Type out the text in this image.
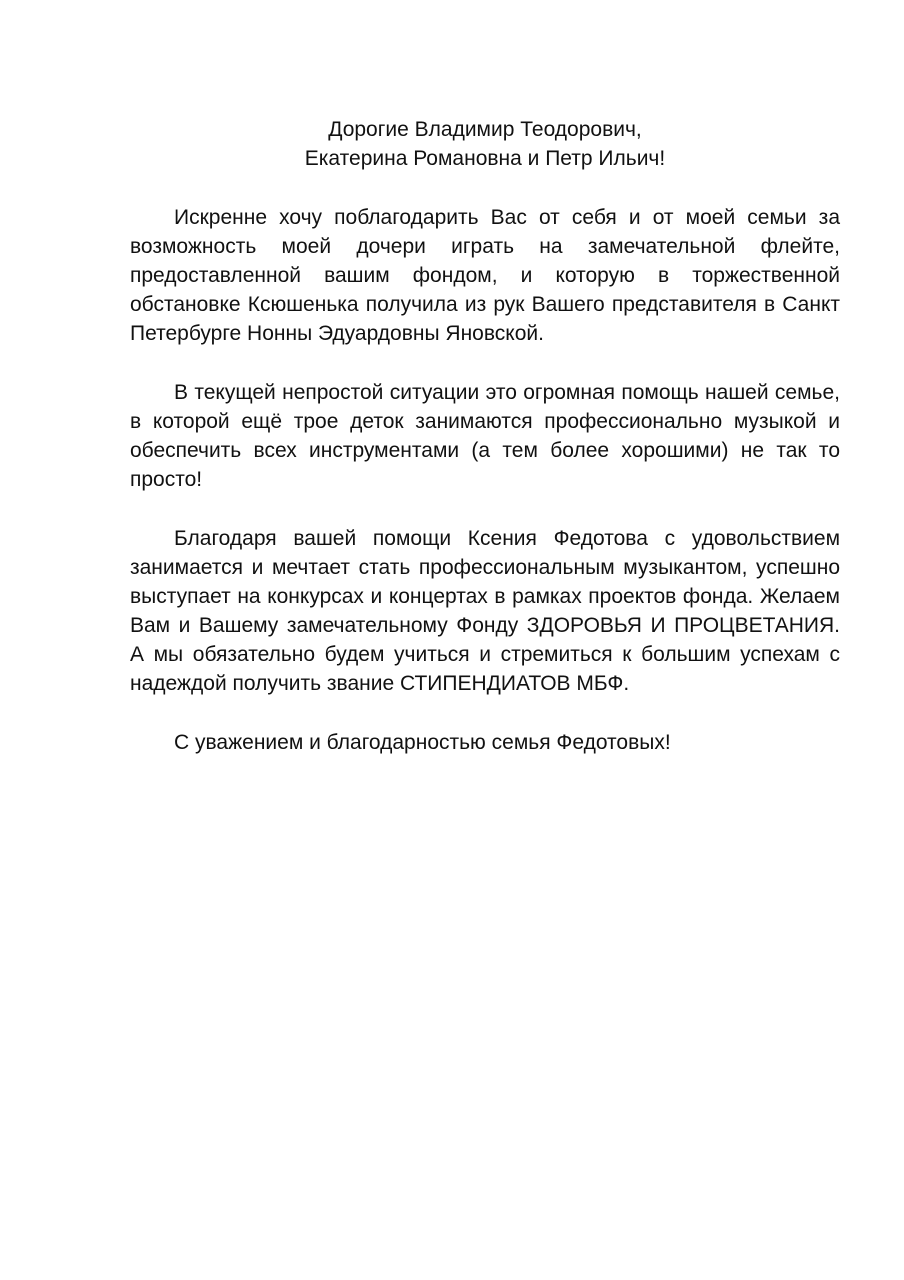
Дорогие Владимир Теодорович,
Екатерина Романовна и Петр Ильич!

Искренне хочу поблагодарить Вас от себя и от моей семьи за возможность моей дочери играть на замечательной флейте, предоставленной вашим фондом, и которую в торжественной обстановке Ксюшенька получила из рук Вашего представителя в Санкт Петербурге Нонны Эдуардовны Яновской.

В текущей непростой ситуации это огромная помощь нашей семье, в которой ещё трое деток занимаются профессионально музыкой и обеспечить всех инструментами (а тем более хорошими) не так то просто!

Благодаря вашей помощи Ксения Федотова с удовольствием занимается и мечтает стать профессиональным музыкантом, успешно выступает на конкурсах и концертах в рамках проектов фонда. Желаем Вам и Вашему замечательному Фонду ЗДОРОВЬЯ И ПРОЦВЕТАНИЯ. А мы обязательно будем учиться и стремиться к большим успехам с надеждой получить звание СТИПЕНДИАТОВ МБФ.

С уважением и благодарностью семья Федотовых!
